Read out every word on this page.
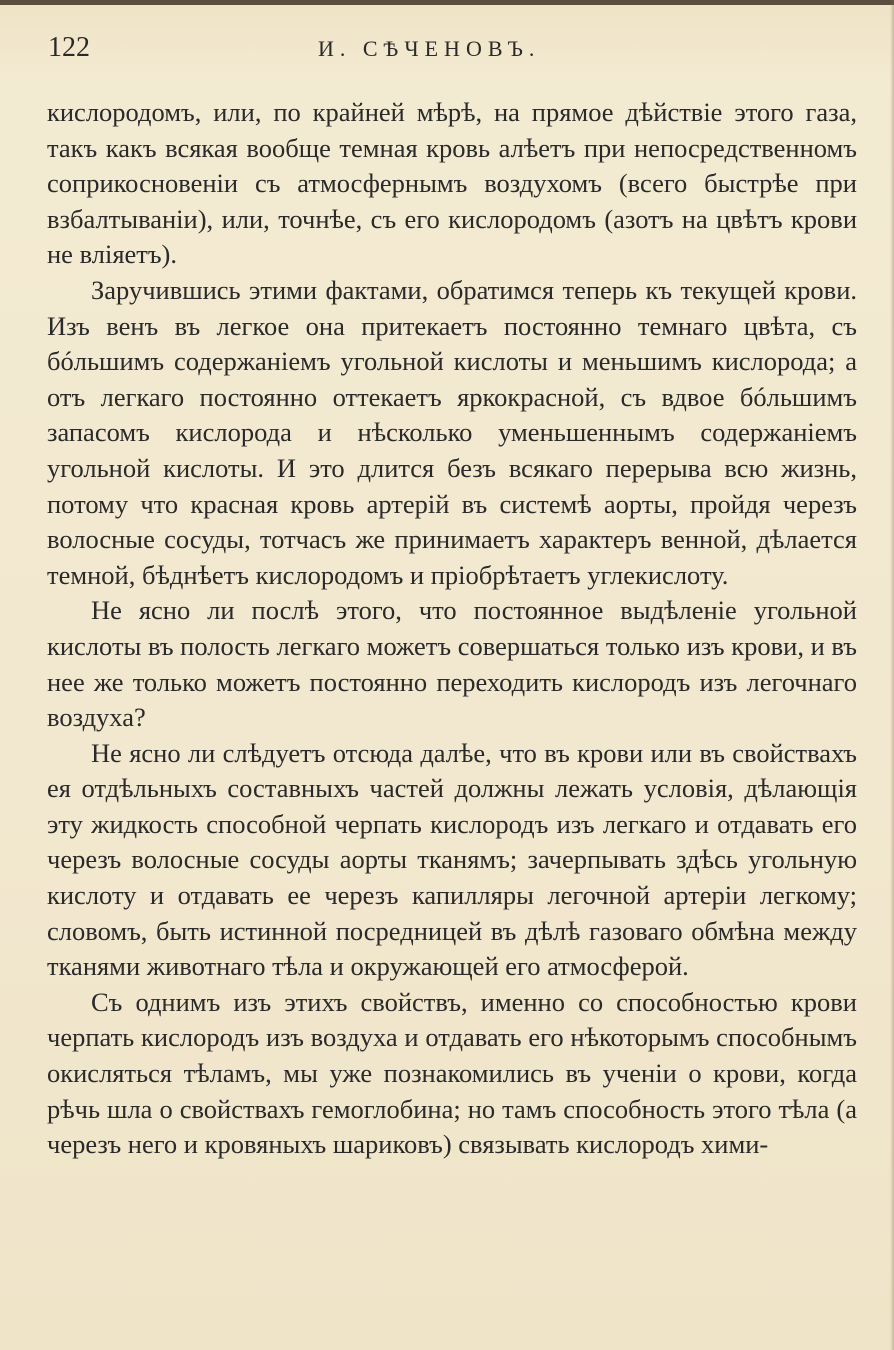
122	И. СѢЧЕНОВЪ.

кислородомъ, или, по крайней мѣрѣ, на прямое дѣйствіе этого газа, такъ какъ всякая вообще темная кровь алѣетъ при непосредственномъ соприкосновеніи съ атмосфернымъ воздухомъ (всего быстрѣе при взбалтываніи), или, точнѣе, съ его кислородомъ (азотъ на цвѣтъ крови не вліяетъ).

Заручившись этими фактами, обратимся теперь къ текущей крови. Изъ венъ въ легкое она притекаетъ постоянно темнаго цвѣта, съ бóльшимъ содержаніемъ угольной кислоты и меньшимъ кислорода; а отъ легкаго постоянно оттекаетъ яркокрасной, съ вдвое бóльшимъ запасомъ кислорода и нѣсколько уменьшеннымъ содержаніемъ угольной кислоты. И это длится безъ всякаго перерыва всю жизнь, потому что красная кровь артерій въ системѣ аорты, пройдя черезъ волосные сосуды, тотчасъ же принимаетъ характеръ венной, дѣлается темной, бѣднѣетъ кислородомъ и пріобрѣтаетъ углекислоту.

Не ясно ли послѣ этого, что постоянное выдѣленіе угольной кислоты въ полость легкаго можетъ совершаться только изъ крови, и въ нее же только можетъ постоянно переходить кислородъ изъ легочнаго воздуха?

Не ясно ли слѣдуетъ отсюда далѣе, что въ крови или въ свойствахъ ея отдѣльныхъ составныхъ частей должны лежать условія, дѣлающія эту жидкость способной черпать кислородъ изъ легкаго и отдавать его черезъ волосные сосуды аорты тканямъ; зачерпывать здѣсь угольную кислоту и отдавать ее черезъ капилляры легочной артеріи легкому; словомъ, быть истинной посредницей въ дѣлѣ газоваго обмѣна между тканями животнаго тѣла и окружающей его атмосферой.

Съ однимъ изъ этихъ свойствъ, именно со способностью крови черпать кислородъ изъ воздуха и отдавать его нѣкоторымъ способнымъ окисляться тѣламъ, мы уже познакомились въ ученіи о крови, когда рѣчь шла о свойствахъ гемоглобина; но тамъ способность этого тѣла (а черезъ него и кровяныхъ шариковъ) связывать кислородъ хими-
